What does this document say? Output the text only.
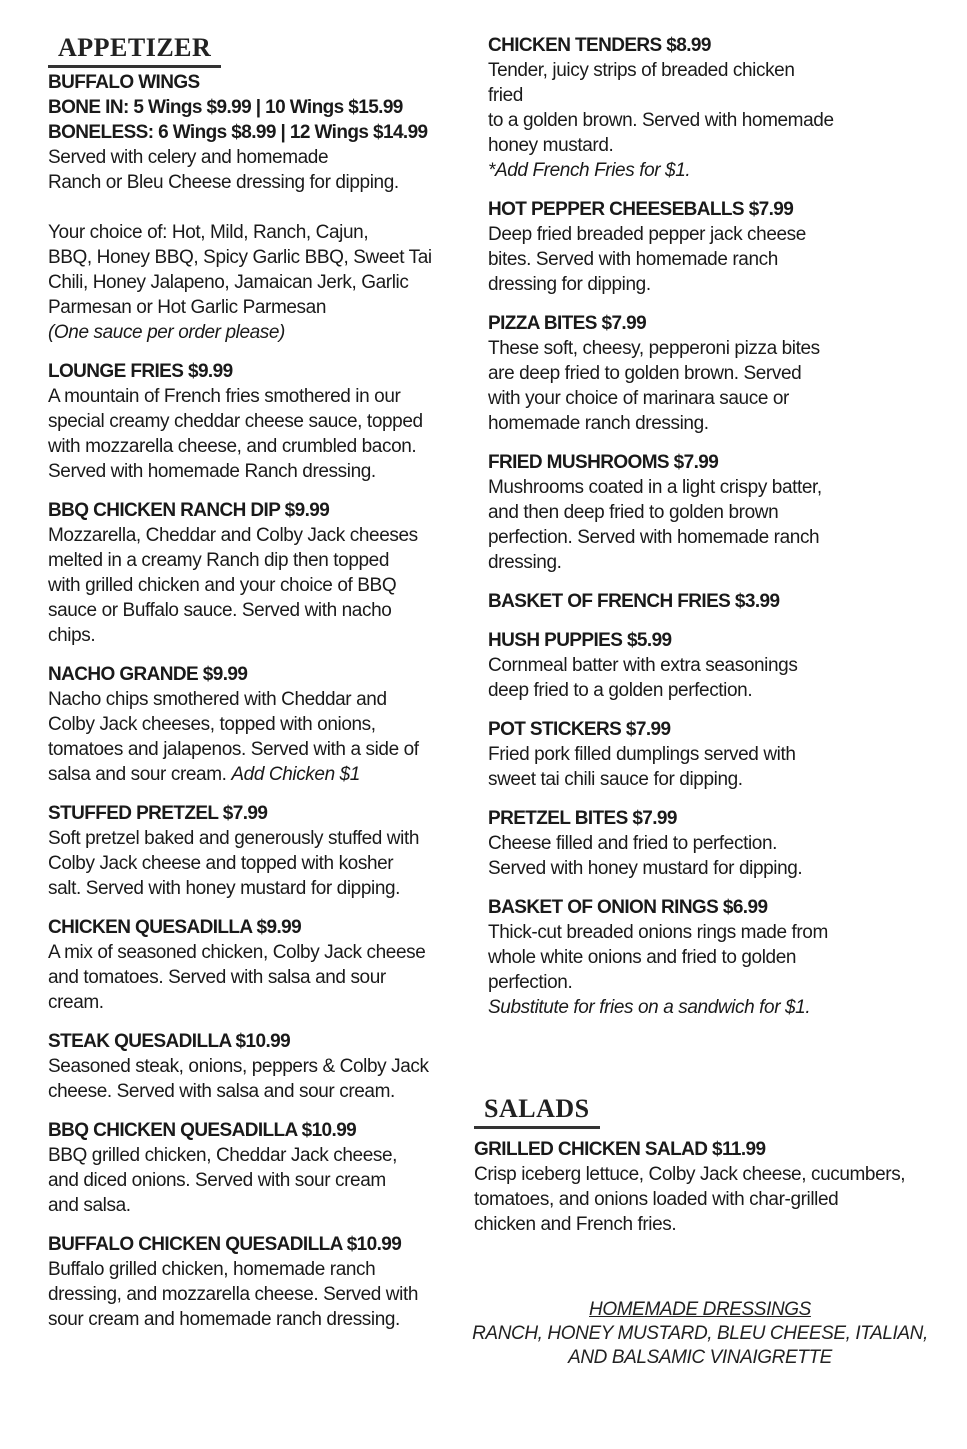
APPETIZER
BUFFALO WINGS
BONE IN: 5 Wings $9.99 | 10 Wings $15.99
BONELESS: 6 Wings $8.99 | 12 Wings $14.99
Served with celery and homemade
Ranch or Bleu Cheese dressing for dipping.
Your choice of: Hot, Mild, Ranch, Cajun,
BBQ, Honey BBQ, Spicy Garlic BBQ, Sweet Tai
Chili, Honey Jalapeno, Jamaican Jerk, Garlic
Parmesan or Hot Garlic Parmesan
(One sauce per order please)
LOUNGE FRIES $9.99
A mountain of French fries smothered in our
special creamy cheddar cheese sauce, topped
with mozzarella cheese, and crumbled bacon.
Served with homemade Ranch dressing.
BBQ CHICKEN RANCH DIP $9.99
Mozzarella, Cheddar and Colby Jack cheeses
melted in a creamy Ranch dip then topped
with grilled chicken and your choice of BBQ
sauce or Buffalo sauce. Served with nacho
chips.
NACHO GRANDE $9.99
Nacho chips smothered with Cheddar and
Colby Jack cheeses, topped with onions,
tomatoes and jalapenos. Served with a side of
salsa and sour cream. Add Chicken $1
STUFFED PRETZEL $7.99
Soft pretzel baked and generously stuffed with
Colby Jack cheese and topped with kosher
salt. Served with honey mustard for dipping.
CHICKEN QUESADILLA $9.99
A mix of seasoned chicken, Colby Jack cheese
and tomatoes. Served with salsa and sour
cream.
STEAK QUESADILLA $10.99
Seasoned steak, onions, peppers & Colby Jack
cheese. Served with salsa and sour cream.
BBQ CHICKEN QUESADILLA $10.99
BBQ grilled chicken, Cheddar Jack cheese,
and diced onions. Served with sour cream
and salsa.
BUFFALO CHICKEN QUESADILLA $10.99
Buffalo grilled chicken, homemade ranch
dressing, and mozzarella cheese. Served with
sour cream and homemade ranch dressing.
CHICKEN TENDERS $8.99
Tender, juicy strips of breaded chicken
fried
to a golden brown. Served with homemade
honey mustard.
*Add French Fries for $1.
HOT PEPPER CHEESEBALLS $7.99
Deep fried breaded pepper jack cheese
bites. Served with homemade ranch
dressing for dipping.
PIZZA BITES $7.99
These soft, cheesy, pepperoni pizza bites
are deep fried to golden brown. Served
with your choice of marinara sauce or
homemade ranch dressing.
FRIED MUSHROOMS $7.99
Mushrooms coated in a light crispy batter,
and then deep fried to golden brown
perfection. Served with homemade ranch
dressing.
BASKET OF FRENCH FRIES $3.99
HUSH PUPPIES $5.99
Cornmeal batter with extra seasonings
deep fried to a golden perfection.
POT STICKERS $7.99
Fried pork filled dumplings served with
sweet tai chili sauce for dipping.
PRETZEL BITES $7.99
Cheese filled and fried to perfection.
Served with honey mustard for dipping.
BASKET OF ONION RINGS $6.99
Thick-cut breaded onions rings made from
whole white onions and fried to golden
perfection.
Substitute for fries on a sandwich for $1.
SALADS
GRILLED CHICKEN SALAD $11.99
Crisp iceberg lettuce, Colby Jack cheese, cucumbers,
tomatoes, and onions loaded with char-grilled
chicken and French fries.
HOMEMADE DRESSINGS
RANCH, HONEY MUSTARD, BLEU CHEESE, ITALIAN,
AND BALSAMIC VINAIGRETTE
